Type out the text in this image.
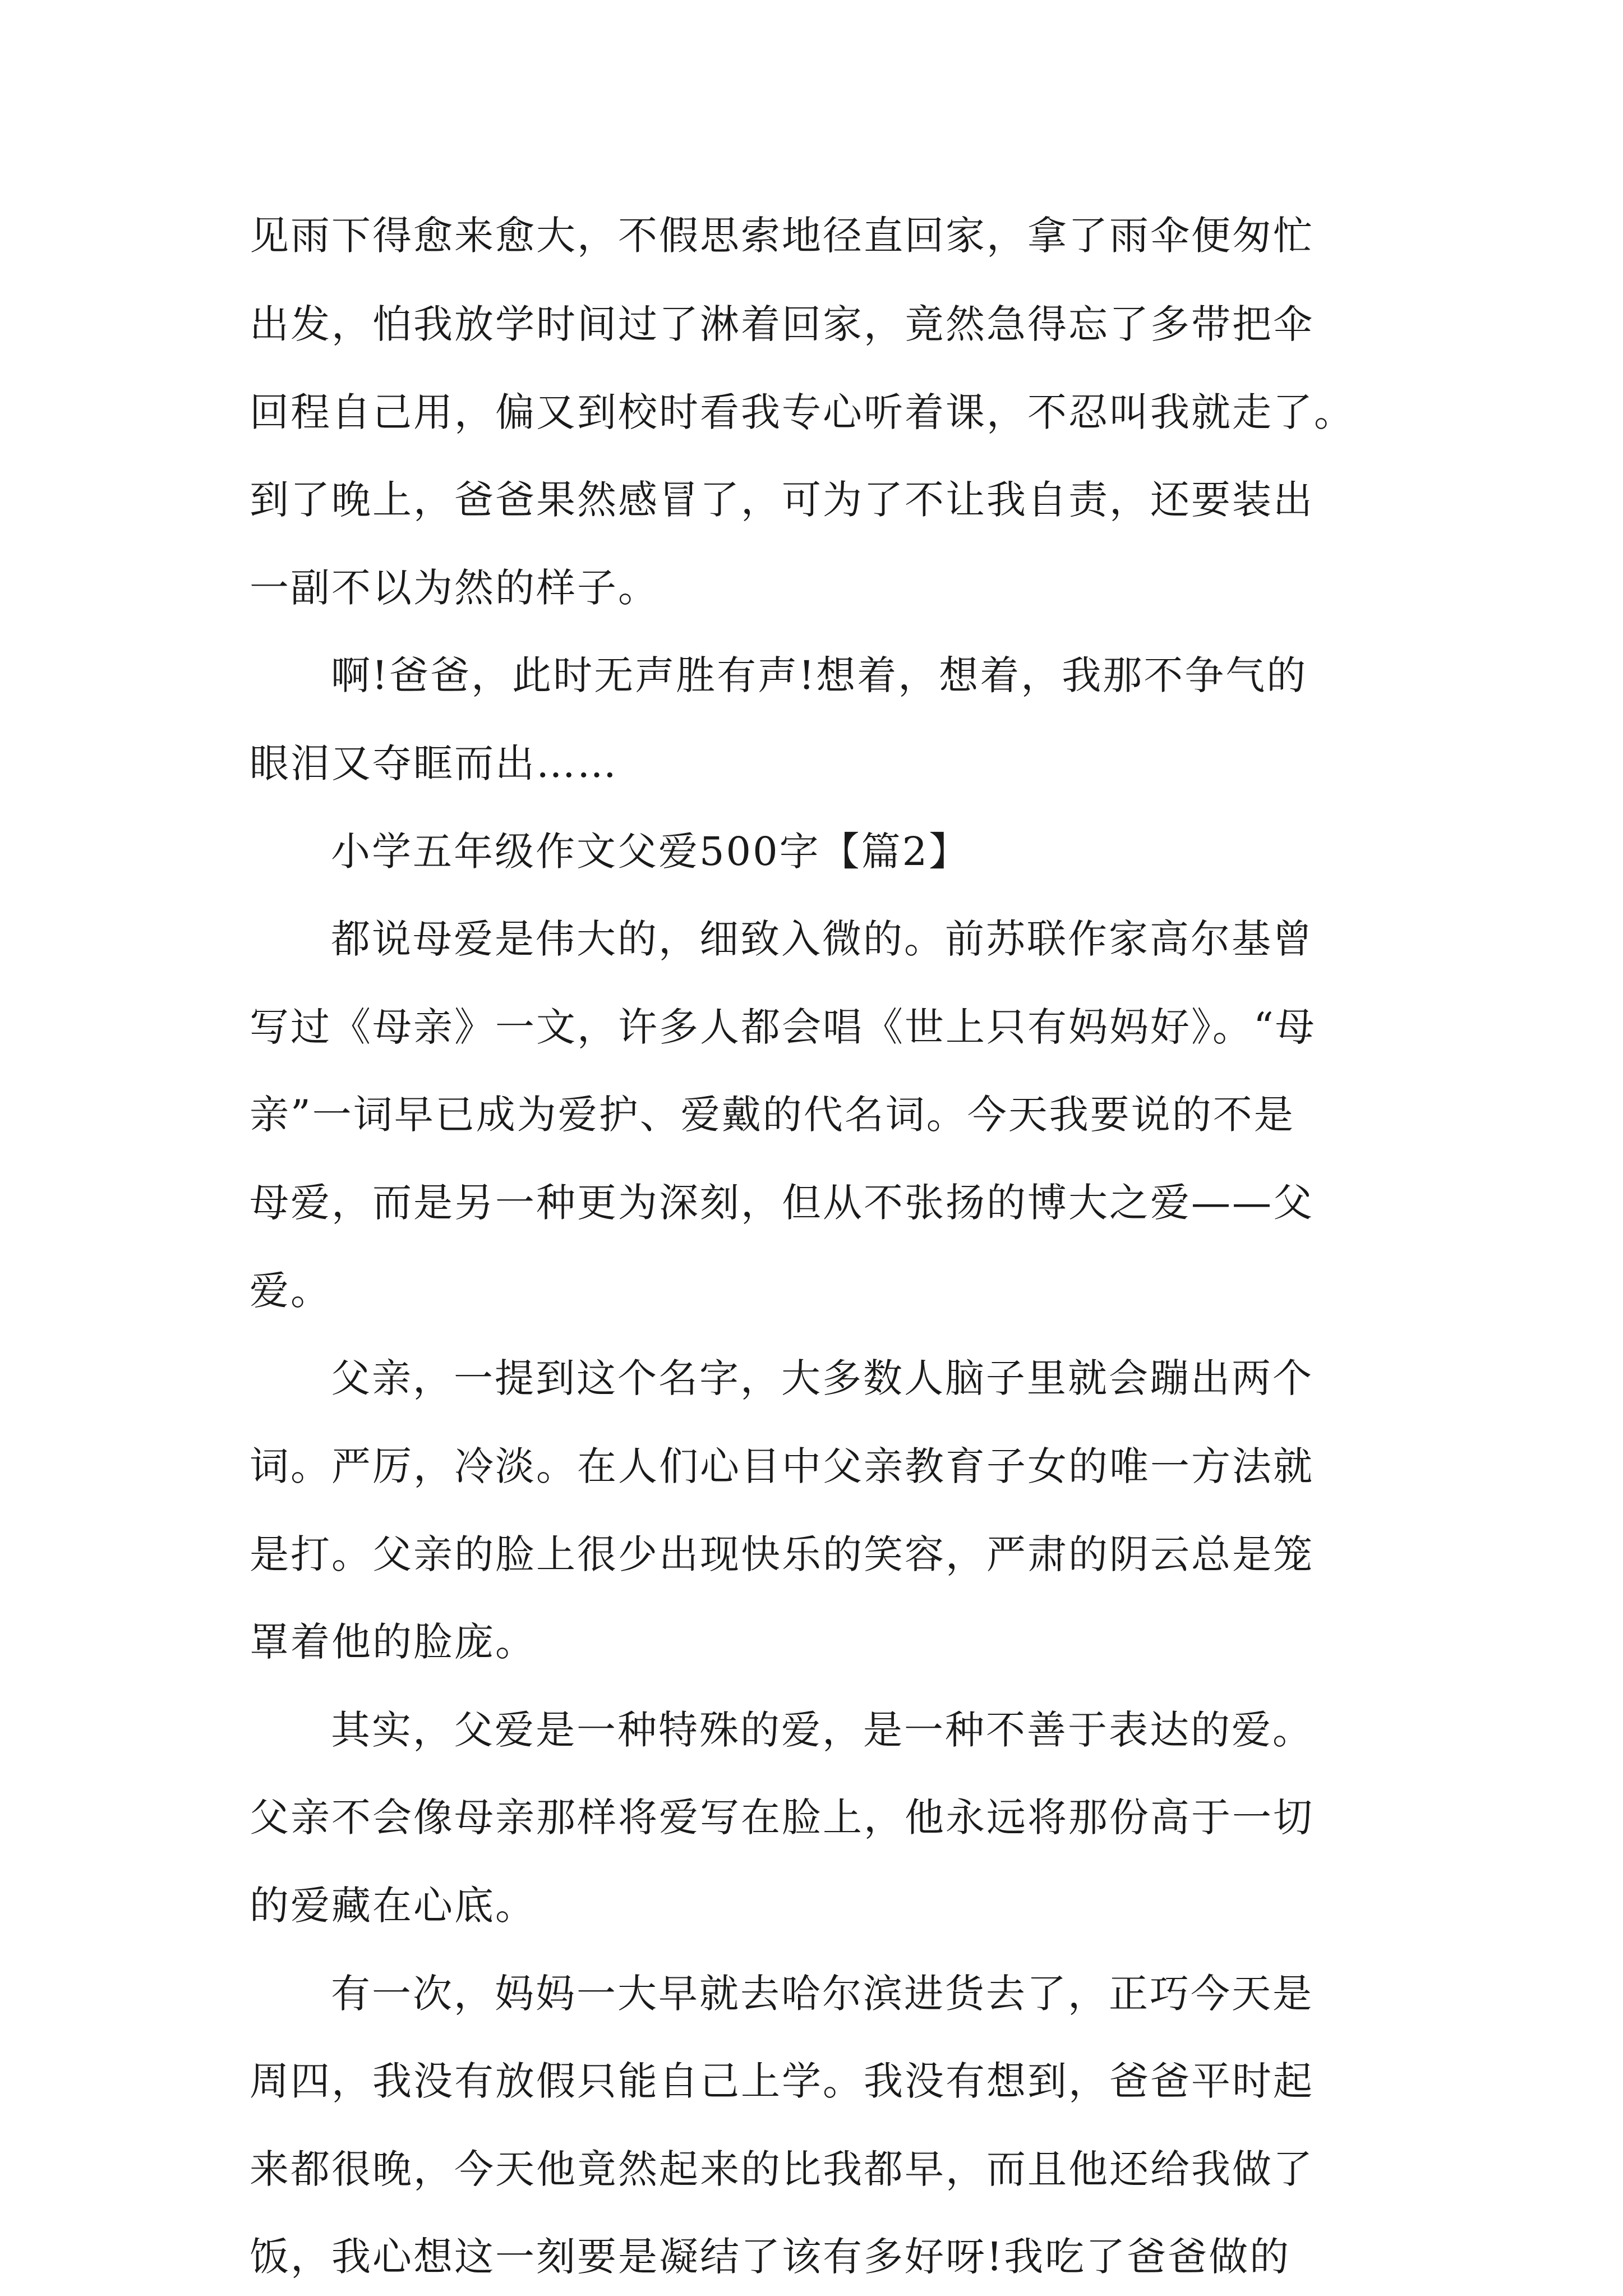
见雨下得愈来愈大，不假思索地径直回家，拿了雨伞便匆忙
出发，怕我放学时间过了淋着回家，竟然急得忘了多带把伞
回程自己用，偏又到校时看我专心听着课，不忍叫我就走了。
到了晚上，爸爸果然感冒了，可为了不让我自责，还要装出
一副不以为然的样子。
啊!爸爸，此时无声胜有声!想着，想着，我那不争气的
眼泪又夺眶而出……
小学五年级作文父爱500字【篇2】
都说母爱是伟大的，细致入微的。前苏联作家高尔基曾
写过《母亲》一文，许多人都会唱《世上只有妈妈好》。“母
亲”一词早已成为爱护、爱戴的代名词。今天我要说的不是
母爱，而是另一种更为深刻，但从不张扬的博大之爱——父
爱。
父亲，一提到这个名字，大多数人脑子里就会蹦出两个
词。严厉，冷淡。在人们心目中父亲教育子女的唯一方法就
是打。父亲的脸上很少出现快乐的笑容，严肃的阴云总是笼
罩着他的脸庞。
其实，父爱是一种特殊的爱，是一种不善于表达的爱。
父亲不会像母亲那样将爱写在脸上，他永远将那份高于一切
的爱藏在心底。
有一次，妈妈一大早就去哈尔滨进货去了，正巧今天是
周四，我没有放假只能自己上学。我没有想到，爸爸平时起
来都很晚，今天他竟然起来的比我都早，而且他还给我做了
饭，我心想这一刻要是凝结了该有多好呀!我吃了爸爸做的
